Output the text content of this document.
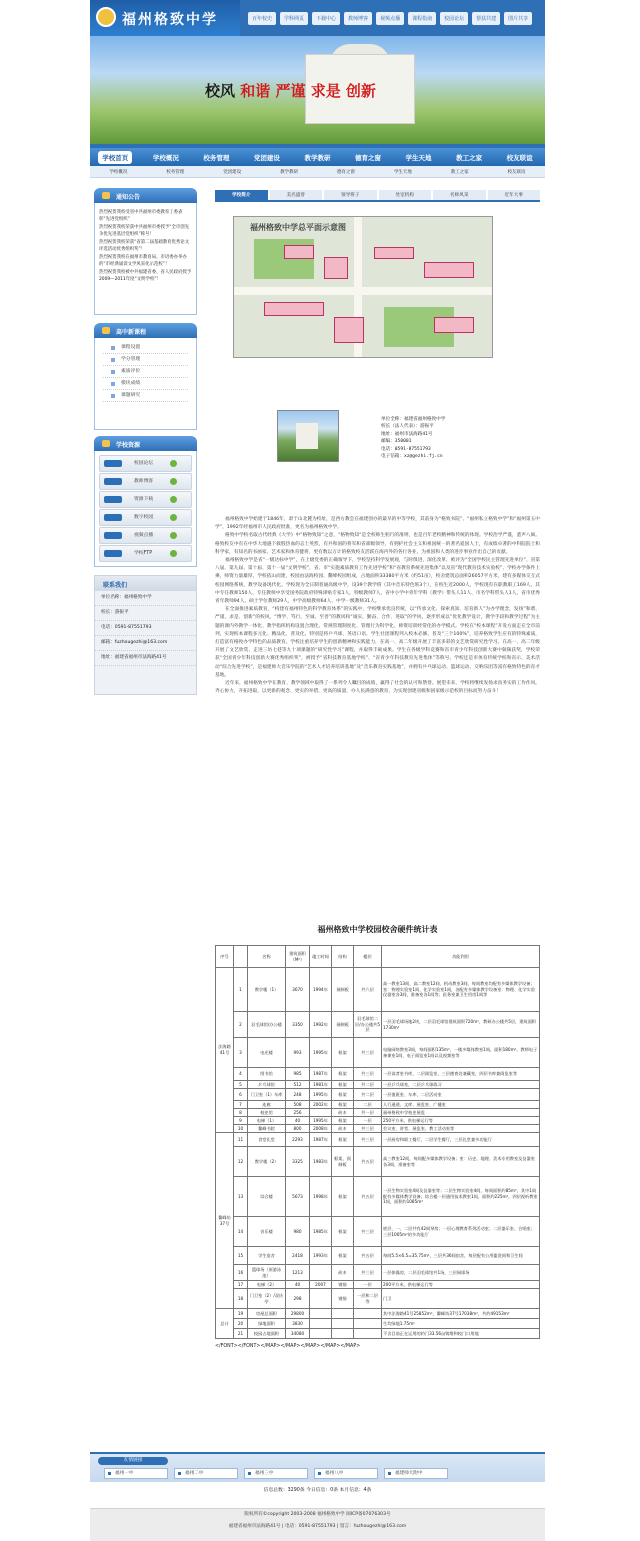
福州格致中学	百年校史	学科网页	下载中心	教师博客	视频点播	课程指南	校园论坛	帮扶共建	图片共享
校风 和谐 严谨 求是 创新
学校首页	学校概况	校务管理	党团建设	教学教研	德育之窗	学生天地	教工之家	校友联谊
学校概况	校务管理	党团建设	教学教研	德育之窗	学生天地	教工之家	校友联谊
通知公告

热烈祝贺我校受省中共福州市委教育工委表彰“先进党组织”

热烈祝贺我校荣获中共福州市委授予“全市创先争优先进基层党组织”称号！

热烈祝贺我校荣获“省第二届基础教育优秀论文评选活动优秀组织奖”！

热烈祝贺我校在福州市教育局、市语委办举办的“市经典诵读文学风采化示范校”！

热烈祝贺我校被中共福建省委、省人民政府授予2009—2011年度“文明学校”！

高中新课程
课程设置
学分管理
素质评价
模块成绩
课题研究
学校资源
校园论坛
教师博客
资源下载
数字校园
视频点播
学校FTP
联系我们

单位名称：福州格致中学

校长：游振平

电话：0591-87551793

邮箱：fuzhougezhi@163.com

地址：福建省福州市法海路41号

学校简介	美名盛誉	领导班子	处室机构	名师风采	近年大事
福州格致中学总平面示意图

单位全称：福建省福州格致中学

校长（法人代表）：游振平

地址：福州市法海路41号

邮编：350001

电话：0591-87551793

电子信箱：xz@gezhi.fj.cn

福州格致中学始建于1846年，隶于山北麓为校址，是西方教会在福建创办的最早的中等学校，其前身为“格致书院”、“福州私立格致中学”和“福州第五中学”，1992年经福州市人民政府批准，更名为福州格致中学。

格致中学校名取古代经典《大学》中“格物致知”之意，“格物致知”是全校师生躬行的准则，也是百年老校精神和传统的体现。学校治学严谨，蜚声八闽。格致校友中有在中华大地遇下救殷热血的志士英烈，有共和国的将军和省部级领导，有拥护社会主义和祖国统一的著名爱国人士，有成绩卓著的中科院院士和科学家，有知名的书画家、艺术家和体育健将，更有数以万计的格致校友活跃在海内外的各行各业，为祖国和人类的进步事业作出自己的贡献。

福州格致中学是省“一级达标中学”，在上级党委的正确领导下，学校坚持科学发展观，与时俱进，深化改革，被评为“全国学校民主管理先进单位”、省第八届、第九届、第十届、第十一届“文明学校”，省、市“实施素质教育工作先进学校”和“省教育系统先进集体”以及省“现代教育技术实验校”、学校办学条件上乘，师资力量雄厚，学校依山而建，校园由法海校园、鳌峰校园组成，占地面积33380平方米（约51亩），校舍建筑总面积26057平方米，建有多媒体交互式校园网络系统，教学设备现代化。学校现为全日制普通高级中学，设39个教学班（其中音乐特色班3个），在校生近2000人，学校现有在职教职工169人，其中专任教师150人，专任教师中享受国务院政府特殊津贴专家1人，特级教师7人，省中小学中青年学科（教学）带头人11人、市名学科带头人1人，省市优秀青年教师94人，硕士学位教师29人，中学高级教师64人，中学一级教师31人。

在全面推进素质教育，“构建有福州特色的科学教育体系”的实践中，学校继承优良传统，以“传承文化、探索真知、培育新人”为办学理念，发扬“和谐、严谨、求是、创新”的校风，“博学、笃行、至诚、至善”的教风和“诚实、勤奋、合作、进取”的学风，逐步形成以“优化教学设计，教学手段和教学过程”为主题的课内外教学一体化、教学指挥机构设置合理化、常规管理制度化、管理行为科学化、师资培训经常化的办学模式。学校在“校本课程”开发方面走在全市前列，实现校本课程多元化、精品化、普及化，特别是将乒乓球、英语口语、学生社团课程列入校本必修，普及“三个100%”，培养格致学生应有的特殊素质，打造富有格致办学特色的品质教育。学校注重培养学生的创新精神和实践能力，在高一、高二年级开展了丰富多彩的文艺欣赏研究性学习。在高一、高二年级开展了文艺欣赏、走进三坊七巷等九十项课题的“研究性学习”课程，并取得丰硕成果。学生在各级学科竞赛和省市青少年科技创新大赛中频频获奖，学校荣获“全国青少年科技创新大赛优秀组织奖”，被授予“省科技教育基地学校”、“省青少年科技教育先进集体”等称号。学校还是市体育传统学校和省示、美术活动“综合先进学校”，是福建师大音乐学院的“艺术人才培养培训基地”及“音乐教育实践基地”，并拥有乒乓球运动、篮球运动、交响乐团等富有格致特色的育才基地。

近年来，福州格致中学在教育、教学领域中取得了一系列令人瞩目的成绩，赢得了社会的认可和赞誉。展望未来，学校将继续发扬求真务实的工作作风，齐心协力，开拓进取，以更新的观念、更实的举措、更高的质量，办人民满意的教育，为实现创建省级和国家级示范校的目标而努力奋斗！

福州格致中学校园校舍硬件统计表
序号		名称	建筑面积（M²）	竣工时间	结构	楼层	功能利用
法海路41号	1	教学楼（1）	3670	1994年	预制板	共六层	高一教室13间、高二教室12间、机动教室3间，每间教室均配有多媒体教学设备；室：物理实验室1间、化学实验室1间，各配有多媒体教学设备室：物理、化学实验仪器室各3间，准备室各1间等；医务室兼卫生用房1间等
	2	羽毛球馆/办公楼	3350	1992年	预制板	羽毛球馆二层/办公楼共5层	一层羽毛球场地2块，二层羽毛球馆建筑面积720m²，教研办公楼共5层，建筑面积1730m²
	3	电光楼	993	1995年	框架	共三层	电脑网络教室3间，每间面积135m²，一楼多媒体教室1间，面积180m²，教师电子备课室1间，电子阅览室1间以及视频室等
	4	图书馆	985	1987年	框架	共三层	一层读者室书库，二层阅览室，三层德育处兼藏室，四层书库兼阅览室等
	5	乒乓球馆	512	1981年	框架	共二层	一层乒乓球室，二层乒乓球练习
	6	门卫室（1）车库	248	1995年	框架	共二层	一层值班室、车库，二层活动室
	7	连廊	508	2002年	框架	二层	人行通道、文库、展览室、广播室
	8	校史馆	256		砖木	共一层	福州格致中学校史展览
	9	电梯（1）	40	1995年	框架	一层	250平方米，供电梯运行等
	10	鳌峰书院	800	2008年	砖木	共三层	会议室、讲堂、展览室、教工活动室等
鳌峰坊37号	11	食堂礼堂	2293	1987年	框架	共三层	一层厨房和职工餐厅，二层学生餐厅，三层礼堂兼多功能厅
	12	教学楼（2）	3325	1983年	框架、预制板	共五层	高三教室12间，每间配多媒体教学设备；室：历史、地理、美术专用教室及仪器室各3间、准备室等
	13	综合楼	5673	1998年	框架	共五层	一层生物实验室4间及仪器室等；二层生物实验室4间，每间面积约85m²，其中1间配有多媒体教学设备；综合楼一层通用技术教室1间，面积约225m²，四层视听教室1间，面积约1085m²
	14	音乐楼	980	1985年	框架	共三层	底层、一、二层共有42间琴房；一层心理教育系列活动室；二层器乐室、合唱室；三层1005m²的多功能厅
	15	学生宿舍	2418	1993年	框架	共五层	每间5.5×6.5=35.75m²，三层共36间宿舍，每层配有公用盥洗间和卫生间
	16	篮球场（原游泳池）	1213		砖木	共三层	一层体操房，二层羽毛球馆共1场，三层网球场
	17	电梯（2）	40	2007	钢筋	一层	200平方米，供电梯运行等
	18	门卫室（2）/双庆亭	298		钢筋	一层和二层等	门卫
总计	19	房屋总面积	29800				其中法海路41号25852m²，鳌峰坊37号17038m²，共约49153m²
	20	绿地面积	3830				生均绿地1.75m²
	21	校园占地面积	34080				不含目前正在运用的约门33.56亩铸塔和校门口用地
</FONT></FONT></MAP></MAP></MAP></MAP></MAP>
友情链接
福州一中	福州二中	福州三中	福州八中	福建师大附中
信息总数：3290条 今日信息：0条 本月信息：4条

版权所有©copyright 2003-2008 福州格致中学 闽ICP备07076303号

福建省福州市法海路41号 | 电话：0591-87551793 | 留言：fuzhougezhi@163.com
